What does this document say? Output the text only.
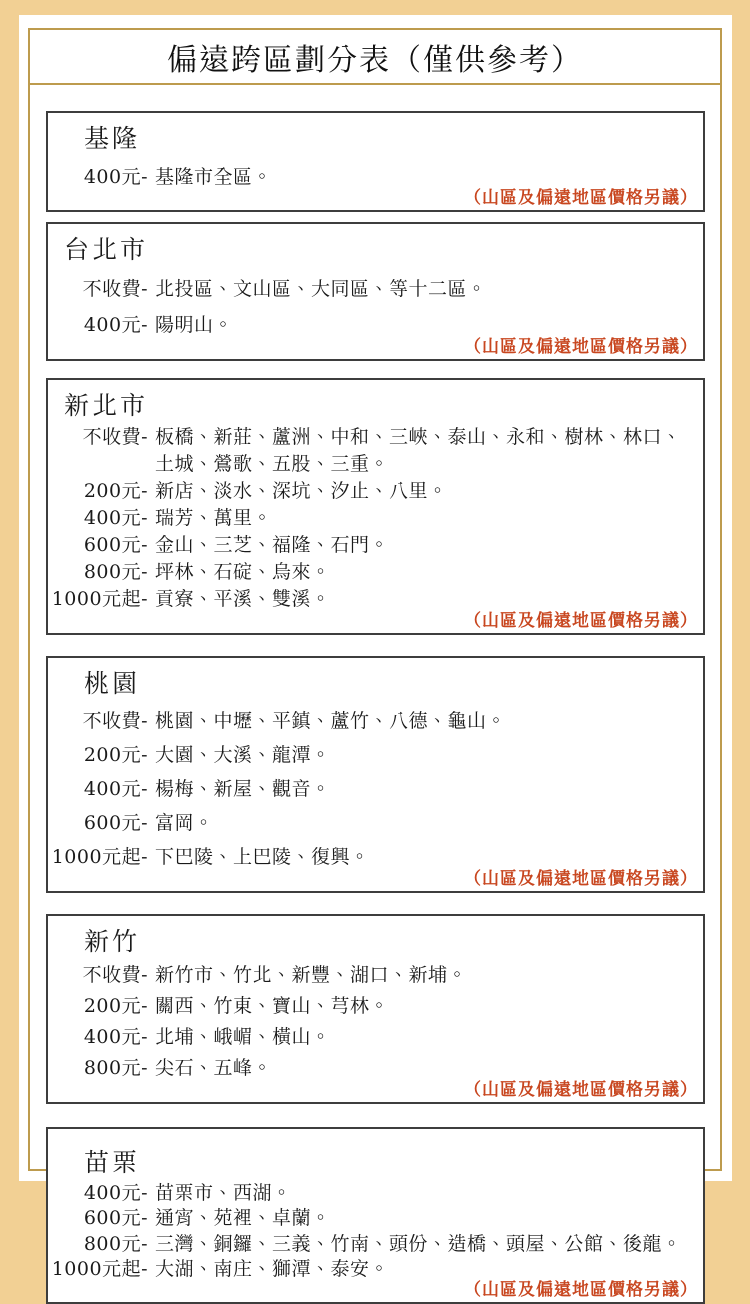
偏遠跨區劃分表（僅供參考）
基隆
400元- 基隆市全區。
（山區及偏遠地區價格另議）
台北市
不收費- 北投區、文山區、大同區、等十二區。
400元- 陽明山。
（山區及偏遠地區價格另議）
新北市
不收費- 板橋、新莊、蘆洲、中和、三峽、泰山、永和、樹林、林口、土城、鶯歌、五股、三重。
200元- 新店、淡水、深坑、汐止、八里。
400元- 瑞芳、萬里。
600元- 金山、三芝、福隆、石門。
800元- 坪林、石碇、烏來。
1000元起- 貢寮、平溪、雙溪。
（山區及偏遠地區價格另議）
桃園
不收費- 桃園、中壢、平鎮、蘆竹、八德、龜山。
200元- 大園、大溪、龍潭。
400元- 楊梅、新屋、觀音。
600元- 富岡。
1000元起- 下巴陵、上巴陵、復興。
（山區及偏遠地區價格另議）
新竹
不收費- 新竹市、竹北、新豐、湖口、新埔。
200元- 關西、竹東、寶山、芎林。
400元- 北埔、峨嵋、橫山。
800元- 尖石、五峰。
（山區及偏遠地區價格另議）
苗栗
400元- 苗栗市、西湖。
600元- 通宵、苑裡、卓蘭。
800元- 三灣、銅鑼、三義、竹南、頭份、造橋、頭屋、公館、後龍。
1000元起- 大湖、南庄、獅潭、泰安。
（山區及偏遠地區價格另議）
